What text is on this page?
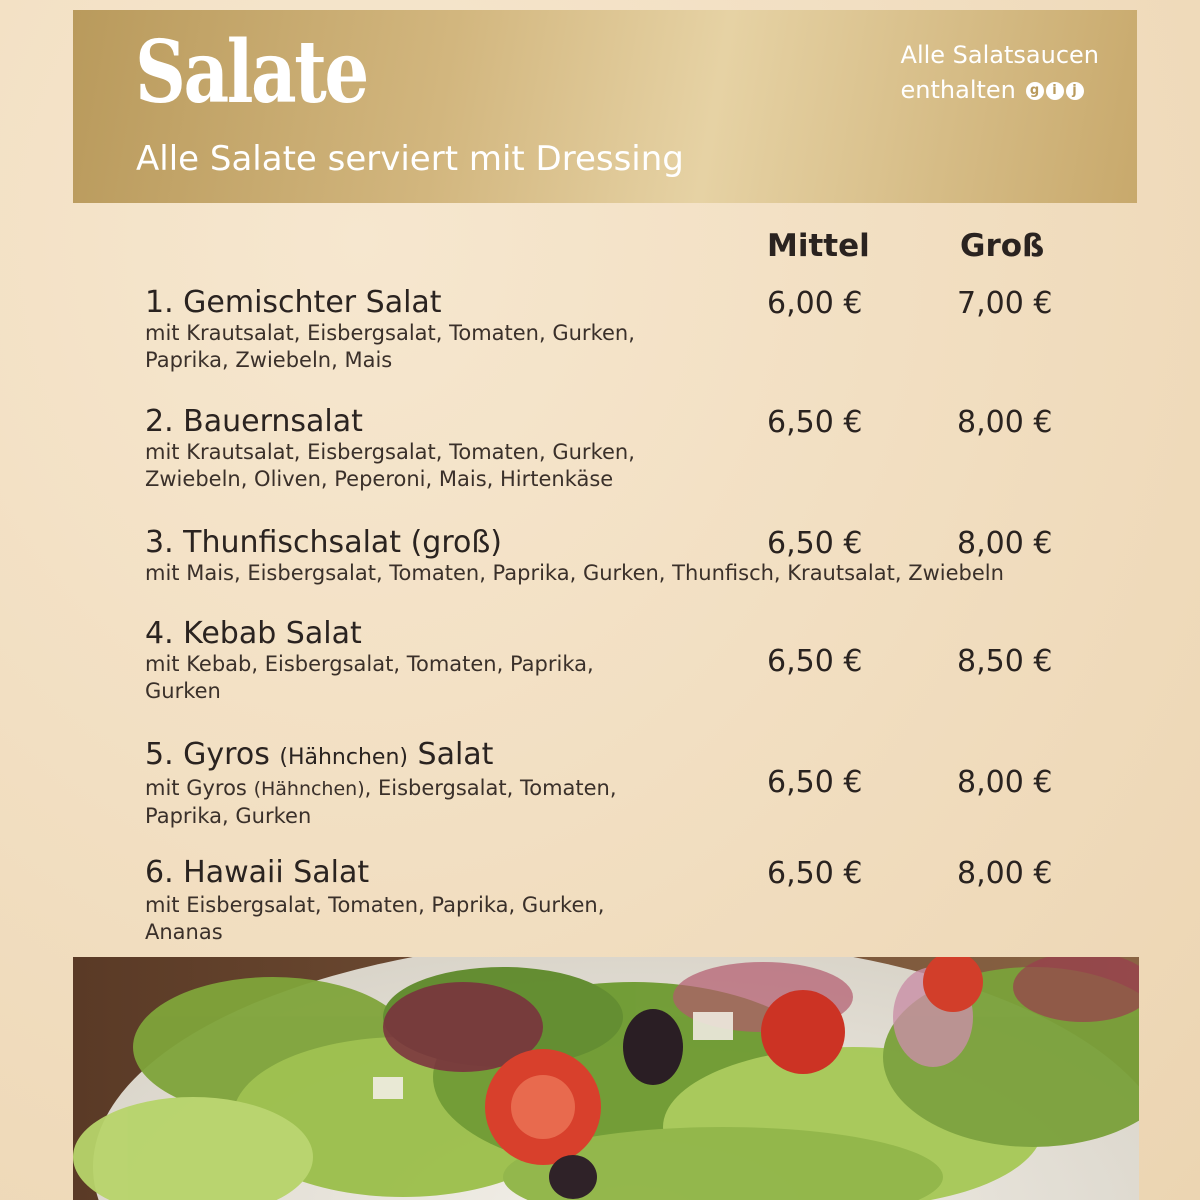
Salate
Alle Salate serviert mit Dressing
Alle Salatsaucen
enthalten g i j
Mittel	Groß
1. Gemischter Salat
mit Krautsalat, Eisbergsalat, Tomaten, Gurken,
Paprika, Zwiebeln, Mais
6,00 €	7,00 €
2. Bauernsalat
mit Krautsalat, Eisbergsalat, Tomaten, Gurken,
Zwiebeln, Oliven, Peperoni, Mais, Hirtenkäse
6,50 €	8,00 €
3. Thunfischsalat (groß)
mit Mais, Eisbergsalat, Tomaten, Paprika, Gurken, Thunfisch, Krautsalat, Zwiebeln
6,50 €	8,00 €
4. Kebab Salat
mit Kebab, Eisbergsalat, Tomaten, Paprika,
Gurken
6,50 €	8,50 €
5. Gyros (Hähnchen) Salat
mit Gyros (Hähnchen), Eisbergsalat, Tomaten,
Paprika, Gurken
6,50 €	8,00 €
6. Hawaii Salat
mit Eisbergsalat, Tomaten, Paprika, Gurken,
Ananas
6,50 €	8,00 €
